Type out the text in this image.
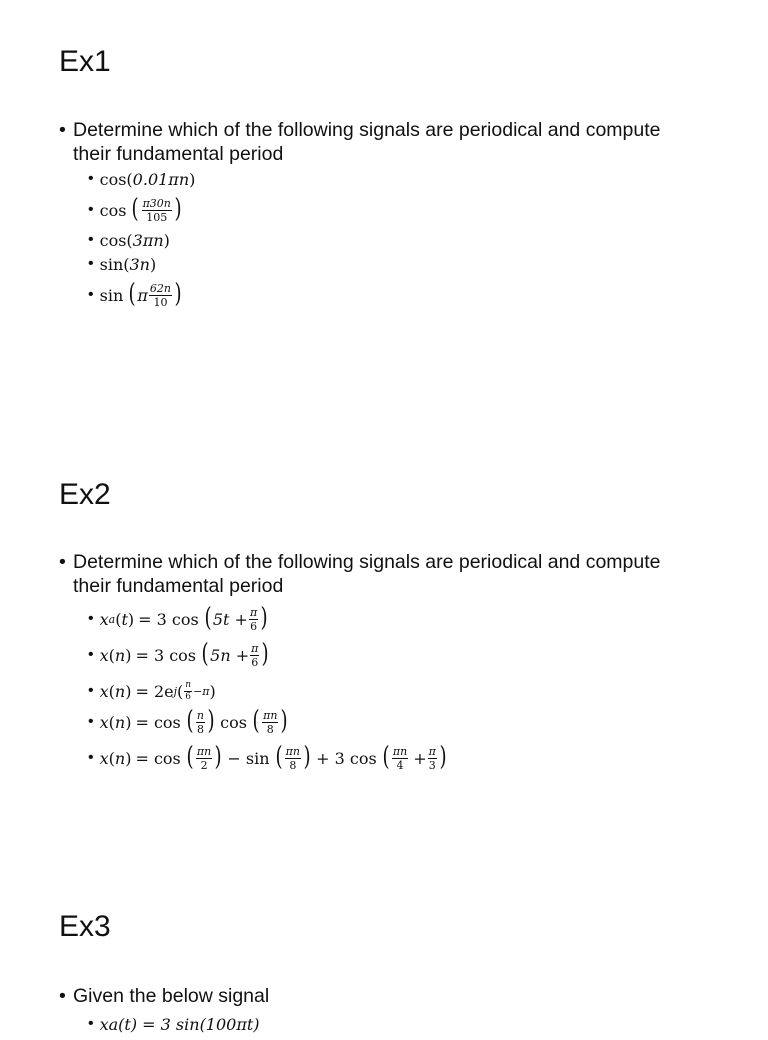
Ex1
• Determine which of the following signals are periodical and compute their fundamental period
• cos ( 0.01πn )
• cos ( $\frac{\pi 30n}{105}$ )
• cos ( 3πn )
• sin ( 3n )
• sin ( π $\frac{62n}{10}$ )
Ex2
• Determine which of the following signals are periodical and compute their fundamental period
• x a ( t ) = 3 cos ( $5t + \frac{\pi}{6}$ )
• x ( n ) = 3 cos ( $5n + \frac{\pi}{6}$ )
• x ( n ) = 2e j ( $\frac{n}{6} -\pi$ )
• x ( n ) = cos ( $\frac{n}{8}$ ) cos ( $\frac{\pi n}{8}$ )
• x ( n ) = cos ( $\frac{\pi n}{2}$ ) − sin ( $\frac{\pi n}{8}$ ) + 3 cos ( $\frac{\pi n}{4} + \frac{\pi}{3}$ )
Ex3
• Given the below signal
• xa(t) = 3 sin(100πt)
